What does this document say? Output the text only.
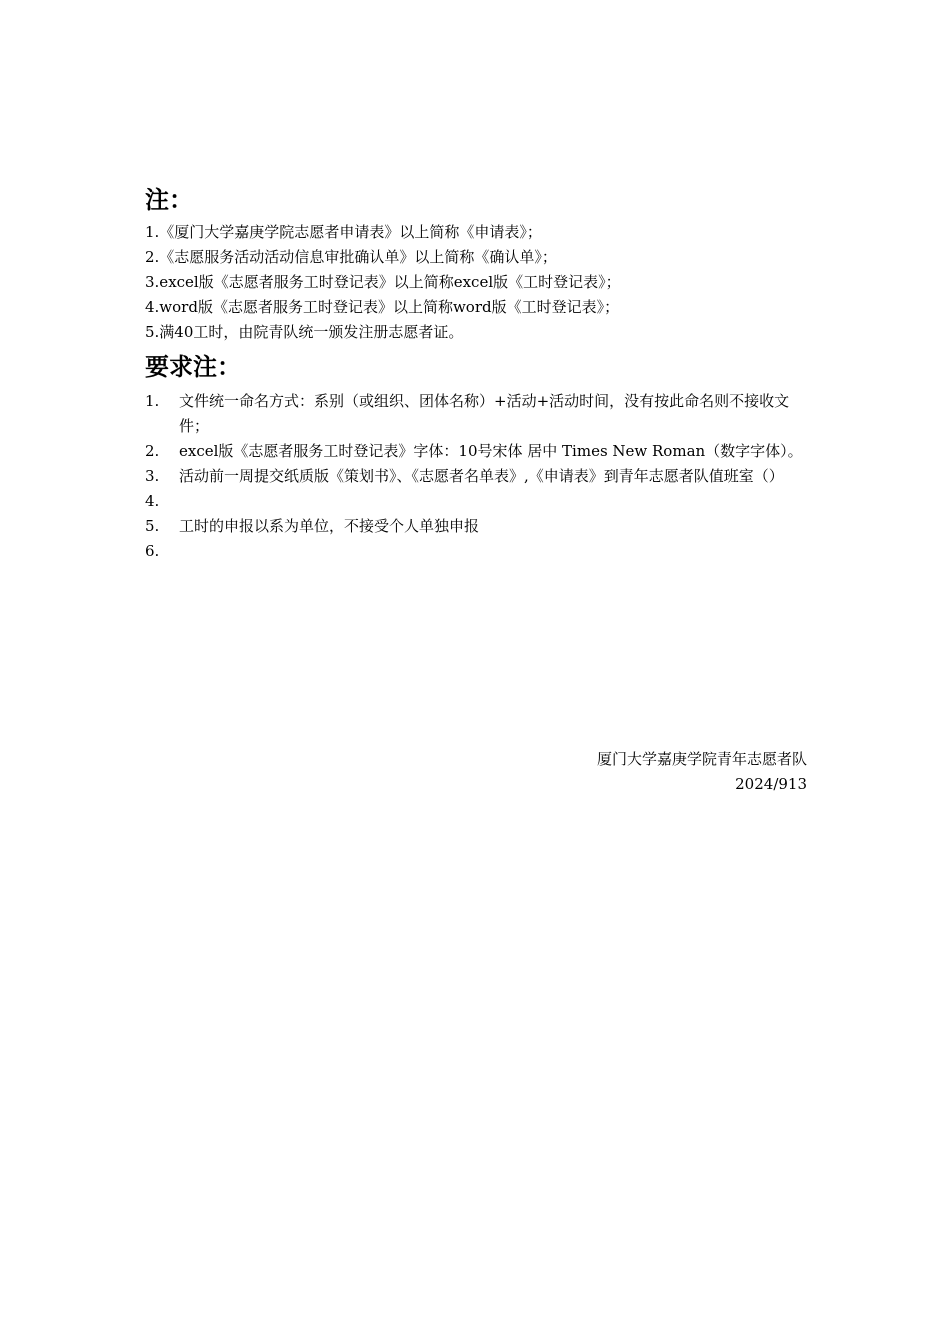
注：
1.《厦门大学嘉庚学院志愿者申请表》以上简称《申请表》；
2.《志愿服务活动活动信息审批确认单》以上简称《确认单》；
3.excel版《志愿者服务工时登记表》以上简称excel版《工时登记表》；
4.word版《志愿者服务工时登记表》以上简称word版《工时登记表》；
5.满40工时，由院青队统一颁发注册志愿者证。
要求注：
1.	文件统一命名方式：系别（或组织、团体名称）+活动+活动时间，没有按此命名则不接收文件；
2.	excel版《志愿者服务工时登记表》字体：10号宋体 居中 Times New Roman（数字字体）。
3.	活动前一周提交纸质版《策划书》、《志愿者名单表》,《申请表》到青年志愿者队值班室（）
4.
5.	工时的申报以系为单位，不接受个人单独申报
6.
厦门大学嘉庚学院青年志愿者队
2024/913
